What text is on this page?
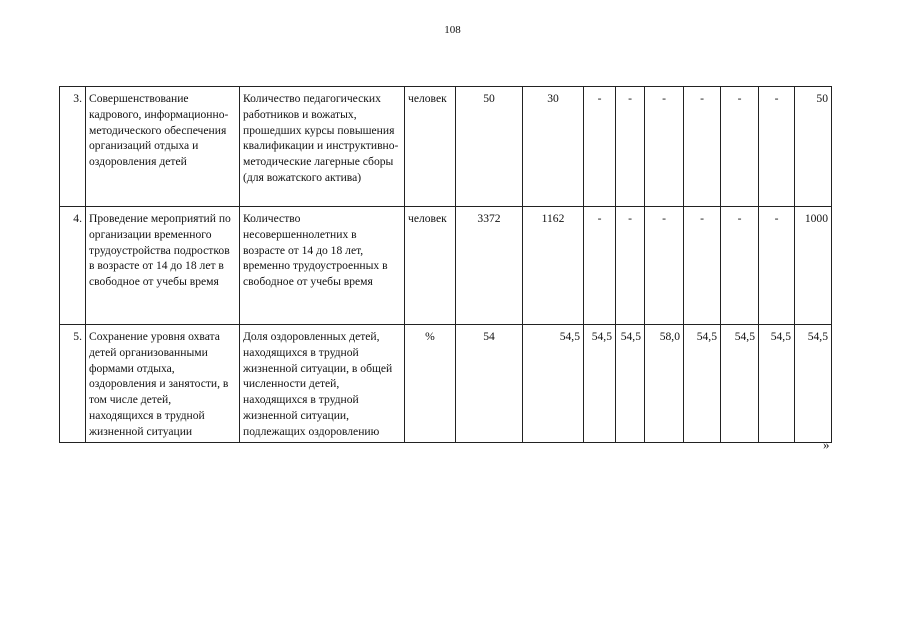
108
3.	Совершенствование кадрового, информационно-методического обеспечения организаций отдыха и оздоровления детей	Количество педагогических работников и вожатых, прошедших курсы повышения квалификации и инструктивно-методические лагерные сборы (для вожатского актива)	человек	50	30	-	-	-	-	-	-	50
4.	Проведение мероприятий по организации временного трудоустройства подростков в возрасте от 14 до 18 лет в свободное от учебы время	Количество несовершеннолетних в возрасте от 14 до 18 лет, временно трудоустроенных в свободное от учебы время	человек	3372	1162	-	-	-	-	-	-	1000
5.	Сохранение уровня охвата детей организованными формами отдыха, оздоровления и занятости, в том числе детей, находящихся в трудной жизненной ситуации	Доля оздоровленных детей, находящихся в трудной жизненной ситуации, в общей численности детей, находящихся в трудной жизненной ситуации, подлежащих оздоровлению	%	54	54,5	54,5	54,5	58,0	54,5	54,5	54,5	54,5
»
